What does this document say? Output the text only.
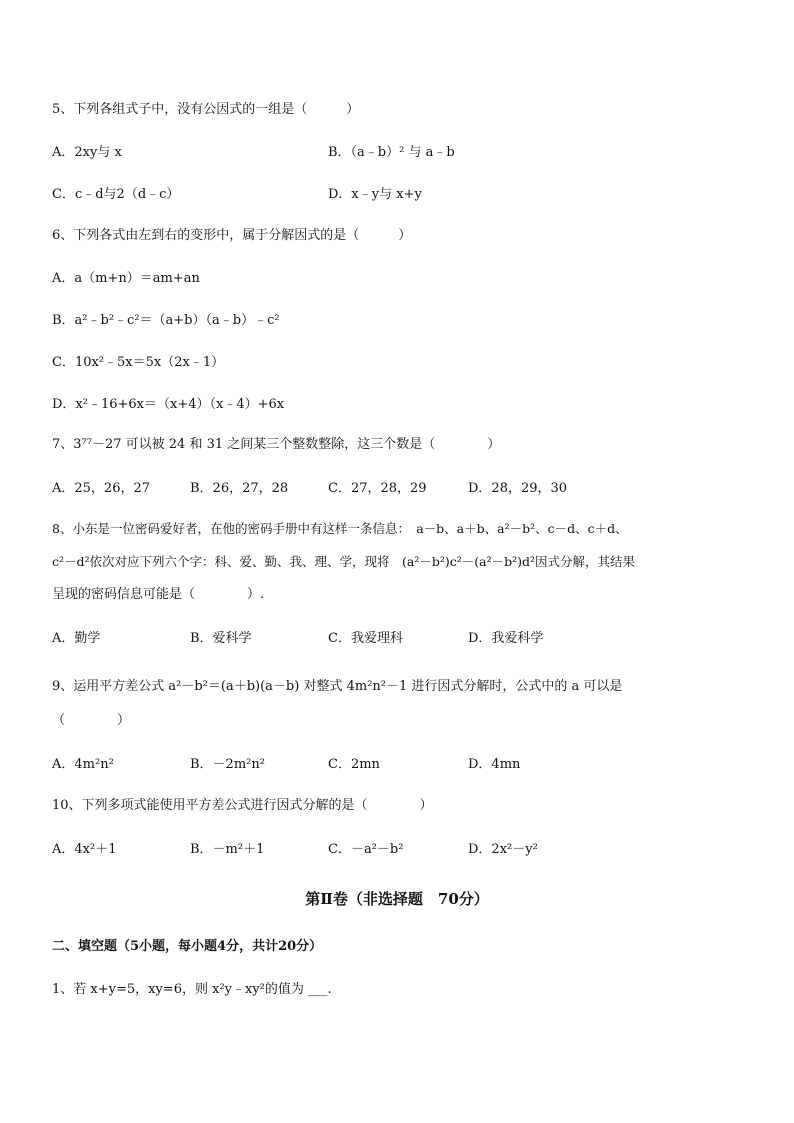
5、下列各组式子中，没有公因式的一组是（　　　）
A．2xy与 x	B．（a﹣b）² 与 a﹣b
C．c﹣d与2（d﹣c）	D．x﹣y与 x+y
6、下列各式由左到右的变形中，属于分解因式的是（　　　）
A．a（m+n）＝am+an
B．a²﹣b²﹣c²＝（a+b）（a﹣b）﹣c²
C．10x²﹣5x＝5x（2x﹣1）
D．x²﹣16+6x＝（x+4）（x﹣4）+6x
7、3⁷⁷－27 可以被 24 和 31 之间某三个整数整除，这三个数是（　　　　）
A．25，26，27	B．26，27，28	C．27，28，29	D．28，29，30
8、小东是一位密码爱好者，在他的密码手册中有这样一条信息：　a－b、a＋b、a²－b²、c－d、c＋d、
c²－d²依次对应下列六个字：科、爱、勤、我、理、学，现将　(a²－b²)c²－(a²－b²)d²因式分解，其结果
呈现的密码信息可能是（　　　　）.
A．勤学	B．爱科学	C．我爱理科	D．我爱科学
9、运用平方差公式 a²－b²＝(a＋b)(a－b) 对整式 4m²n²－1 进行因式分解时，公式中的 a 可以是
（　　　　）
A．4m²n²	B．－2m²n²	C．2mn	D．4mn
10、下列多项式能使用平方差公式进行因式分解的是（　　　　）
A．4x²＋1	B．－m²＋1	C．－a²－b²	D．2x²－y²
第Ⅱ卷（非选择题　70分）
二、填空题（5小题，每小题4分，共计20分）
1、若 x+y=5，xy=6，则 x²y﹣xy²的值为 ___.
